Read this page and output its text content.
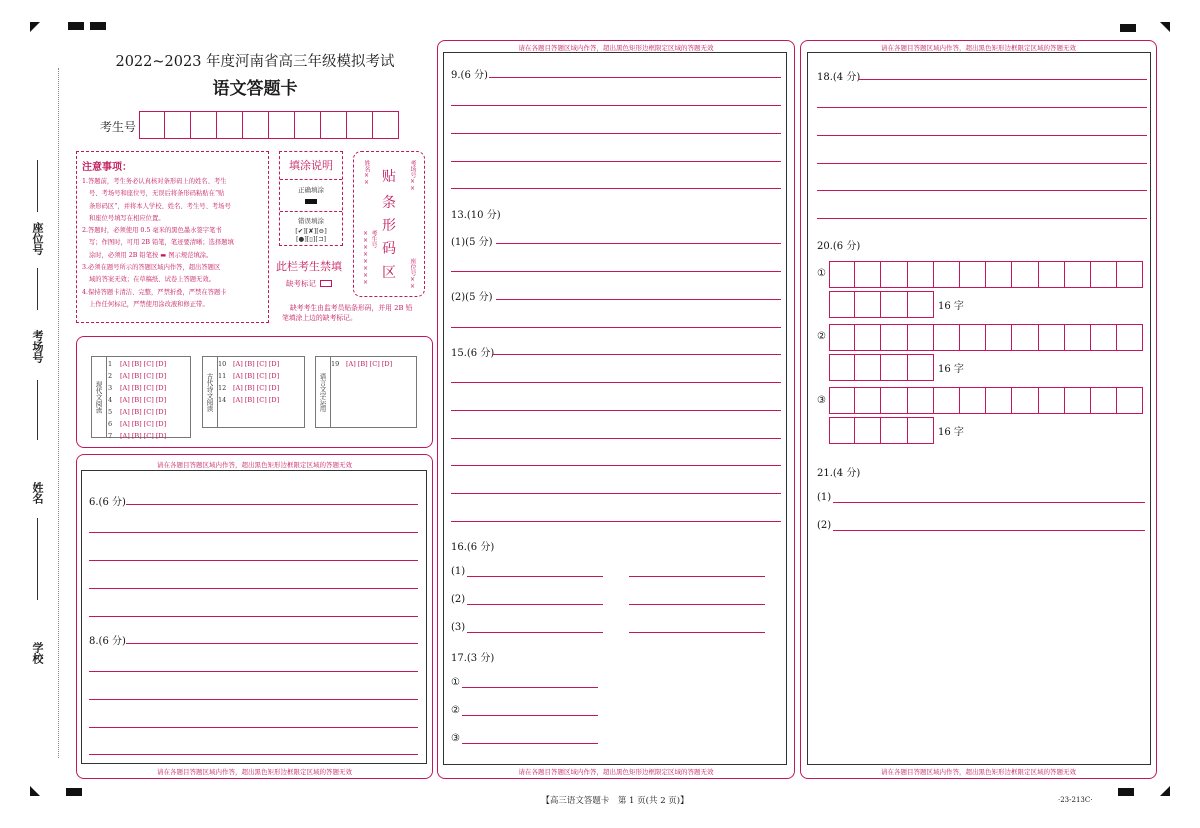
座位号
考场号
姓名
学校
2022~2023 年度河南省高三年级模拟考试
语文答题卡
考生号
注意事项：
1.答题前，考生务必认真核对条形码上的姓名、考生
号、考场号和座位号，无误后将条形码粘贴在“贴
条形码区”，并将本人学校、姓名、考生号、考场号
和座位号填写在相应位置。
2.答题时，必须使用 0.5 毫米的黑色墨水签字笔书
写；作图时，可用 2B 铅笔，笔迹要清晰；选择题填
涂时，必须用 2B 铅笔按 ▬ 图示规范填涂。
3.必须在题号所示的答题区域内作答，超出答题区
域的答案无效；在草稿纸、试卷上答题无效。
4.保持答题卡清洁、完整，严禁折叠，严禁在答题卡
上作任何标记，严禁使用涂改液和修正带。
填涂说明
正确填涂
错误填涂
[✔][✘][⊖]
[●][▯][⊐]
此栏考生禁填
缺考标记
缺考考生由监考员贴条形码，并用 2B 铅
笔填涂上边的缺考标记。
姓名××	考场号××
考生号××××××××	座位号××
贴
条
形
码
区
现代文阅读
1	[A] [B] [C] [D]
2	[A] [B] [C] [D]
3	[A] [B] [C] [D]
4	[A] [B] [C] [D]
5	[A] [B] [C] [D]
6	[A] [B] [C] [D]
7	[A] [B] [C] [D]
古代诗文阅读
10	[A] [B] [C] [D]
11	[A] [B] [C] [D]
12	[A] [B] [C] [D]
14	[A] [B] [C] [D]	语言文字运用
19	[A] [B] [C] [D]
请在各题目答题区域内作答，超出黑色矩形边框限定区域的答题无效
请在各题目答题区域内作答，超出黑色矩形边框限定区域的答题无效
6.(6 分)
8.(6 分)
请在各题目答题区域内作答，超出黑色矩形边框限定区域的答题无效
请在各题目答题区域内作答，超出黑色矩形边框限定区域的答题无效
9.(6 分)
13.(10 分)
(1)(5 分)
(2)(5 分)
15.(6 分)
16.(6 分)
(1)
(2)
(3)
17.(3 分)
①
②
③
请在各题目答题区域内作答，超出黑色矩形边框限定区域的答题无效
请在各题目答题区域内作答，超出黑色矩形边框限定区域的答题无效
18.(4 分)
20.(6 分)
①
16 字
②
16 字
③
16 字
21.(4 分)
(1)
(2)
【高三语文答题卡　第 1 页(共 2 页)】	·23-213C·
